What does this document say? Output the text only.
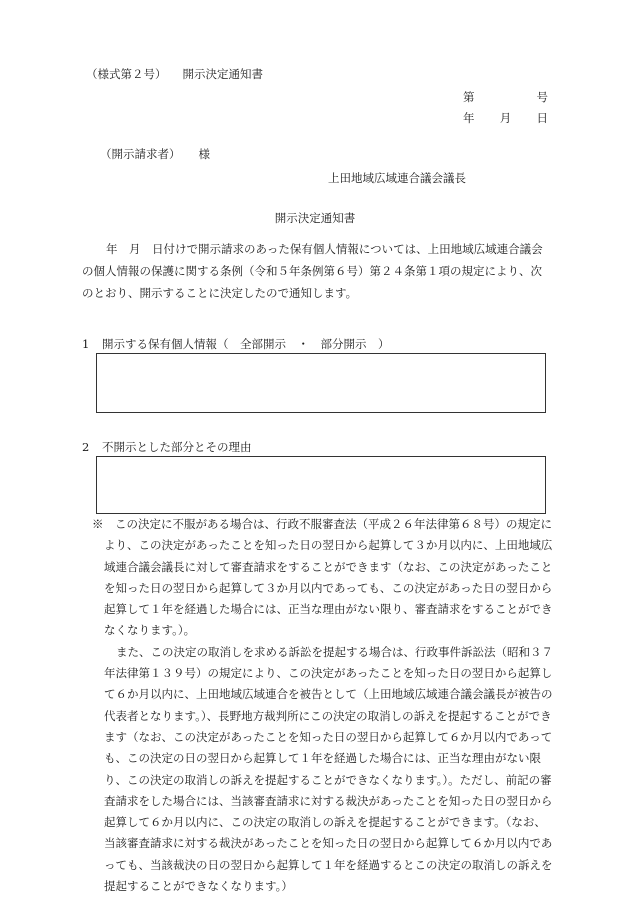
（様式第２号） 開示決定通知書
第	号
年 月 日
（開示請求者） 様
上田地域広域連合議会議長
開示決定通知書
年　月　日付けで開示請求のあった保有個人情報については、上田地域広域連合議会の個人情報の保護に関する条例（令和５年条例第６号）第２４条第１項の規定により、次のとおり、開示することに決定したので通知します。
1 開示する保有個人情報（　全部開示　・　部分開示　）
2 不開示とした部分とその理由

※　 この決定に不服がある場合は、行政不服審査法（平成２６年法律第６８号）の規定により、この決定があったことを知った日の翌日から起算して３か月以内に、上田地域広域連合議会議長に対して審査請求をすることができます（なお、この決定があったことを知った日の翌日から起算して３か月以内であっても、この決定があった日の翌日から起算して１年を経過した場合には、正当な理由がない限り、審査請求をすることができなくなります。）。

また、この決定の取消しを求める訴訟を提起する場合は、行政事件訴訟法（昭和３７年法律第１３９号）の規定により、この決定があったことを知った日の翌日から起算して６か月以内に、上田地域広域連合を被告として（上田地域広域連合議会議長が被告の代表者となります。）、長野地方裁判所にこの決定の取消しの訴えを提起することができます（なお、この決定があったことを知った日の翌日から起算して６か月以内であっても、この決定の日の翌日から起算して１年を経過した場合には、正当な理由がない限り、この決定の取消しの訴えを提起することができなくなります。）。ただし、前記の審査請求をした場合には、当該審査請求に対する裁決があったことを知った日の翌日から起算して６か月以内に、この決定の取消しの訴えを提起することができます。（なお、当該審査請求に対する裁決があったことを知った日の翌日から起算して６か月以内であっても、当該裁決の日の翌日から起算して１年を経過するとこの決定の取消しの訴えを提起することができなくなります。）
